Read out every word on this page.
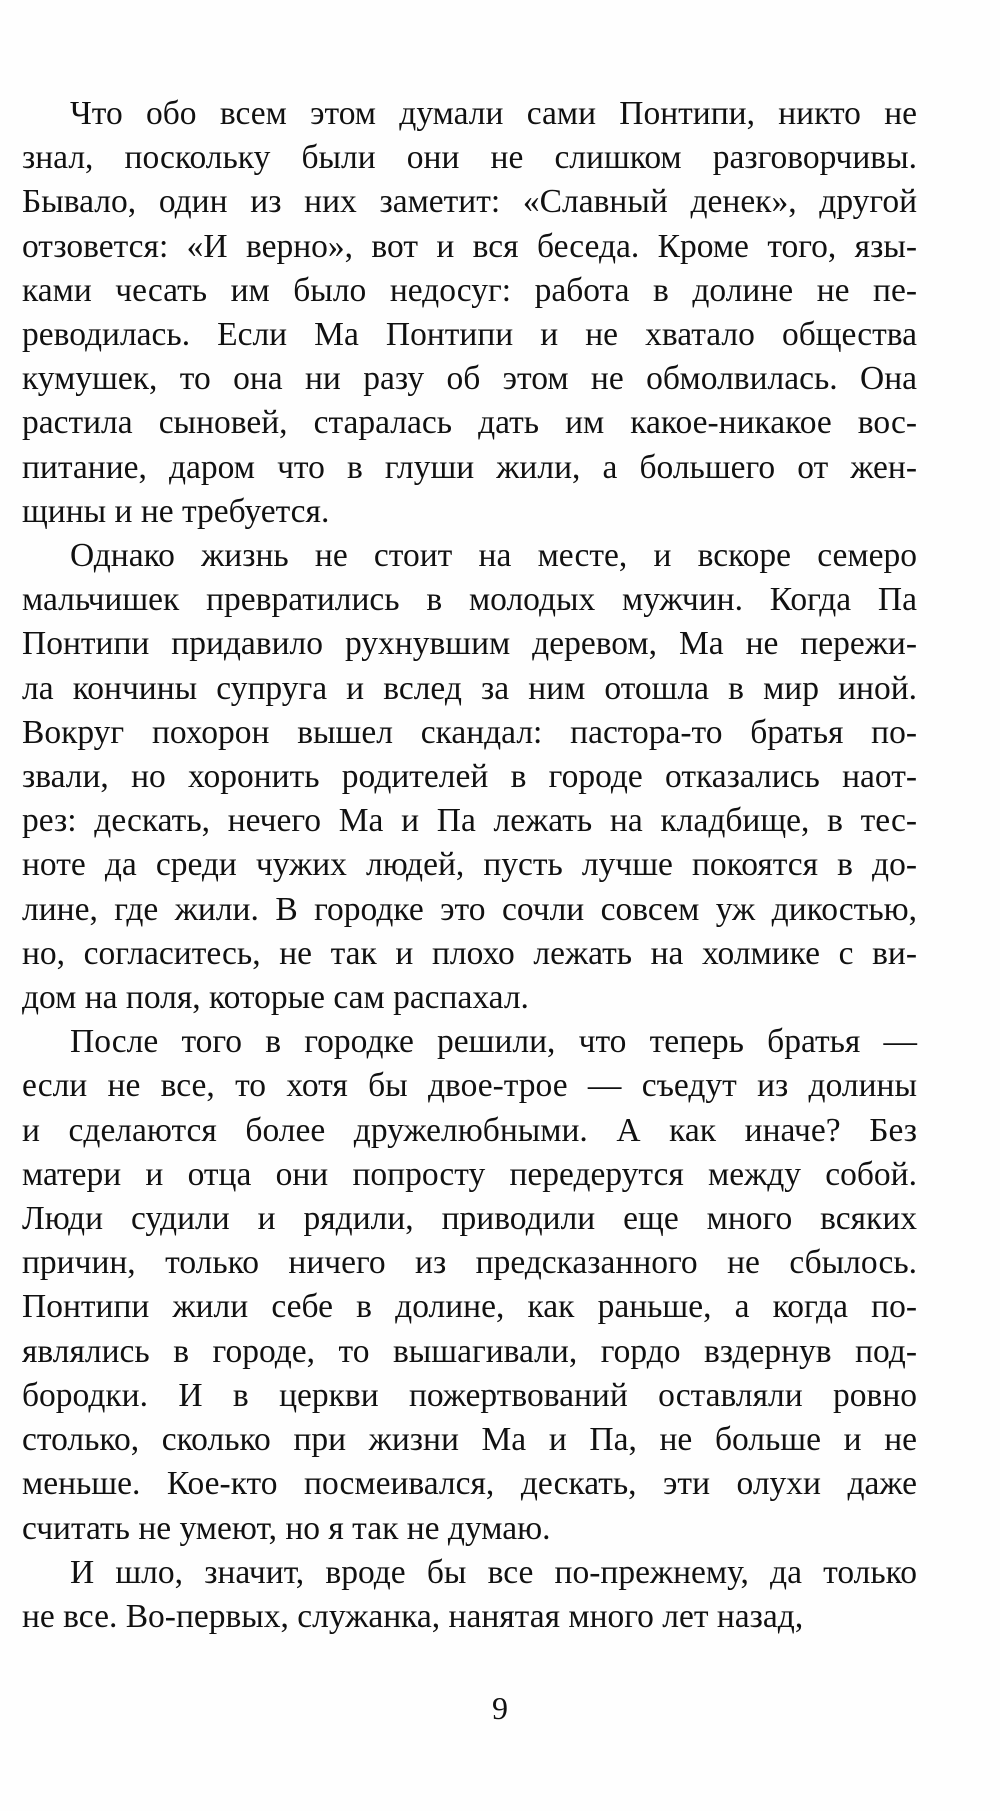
Что обо всем этом думали сами Понтипи, никто не
знал, поскольку были они не слишком разговорчивы.
Бывало, один из них заметит: «Славный денек», другой
отзовется: «И верно», вот и вся беседа. Кроме того, язы-
ками чесать им было недосуг: работа в долине не пе-
реводилась. Если Ма Понтипи и не хватало общества
кумушек, то она ни разу об этом не обмолвилась. Она
растила сыновей, старалась дать им какое-никакое вос-
питание, даром что в глуши жили, а большего от жен-
щины и не требуется.
Однако жизнь не стоит на месте, и вскоре семеро
мальчишек превратились в молодых мужчин. Когда Па
Понтипи придавило рухнувшим деревом, Ма не пережи-
ла кончины супруга и вслед за ним отошла в мир иной.
Вокруг похорон вышел скандал: пастора-то братья по-
звали, но хоронить родителей в городе отказались наот-
рез: дескать, нечего Ма и Па лежать на кладбище, в тес-
ноте да среди чужих людей, пусть лучше покоятся в до-
лине, где жили. В городке это сочли совсем уж дикостью,
но, согласитесь, не так и плохо лежать на холмике с ви-
дом на поля, которые сам распахал.
После того в городке решили, что теперь братья —
если не все, то хотя бы двое-трое — съедут из долины
и сделаются более дружелюбными. А как иначе? Без
матери и отца они попросту передерутся между собой.
Люди судили и рядили, приводили еще много всяких
причин, только ничего из предсказанного не сбылось.
Понтипи жили себе в долине, как раньше, а когда по-
являлись в городе, то вышагивали, гордо вздернув под-
бородки. И в церкви пожертвований оставляли ровно
столько, сколько при жизни Ма и Па, не больше и не
меньше. Кое-кто посмеивался, дескать, эти олухи даже
считать не умеют, но я так не думаю.
И шло, значит, вроде бы все по-прежнему, да только
не все. Во-первых, служанка, нанятая много лет назад,
9
